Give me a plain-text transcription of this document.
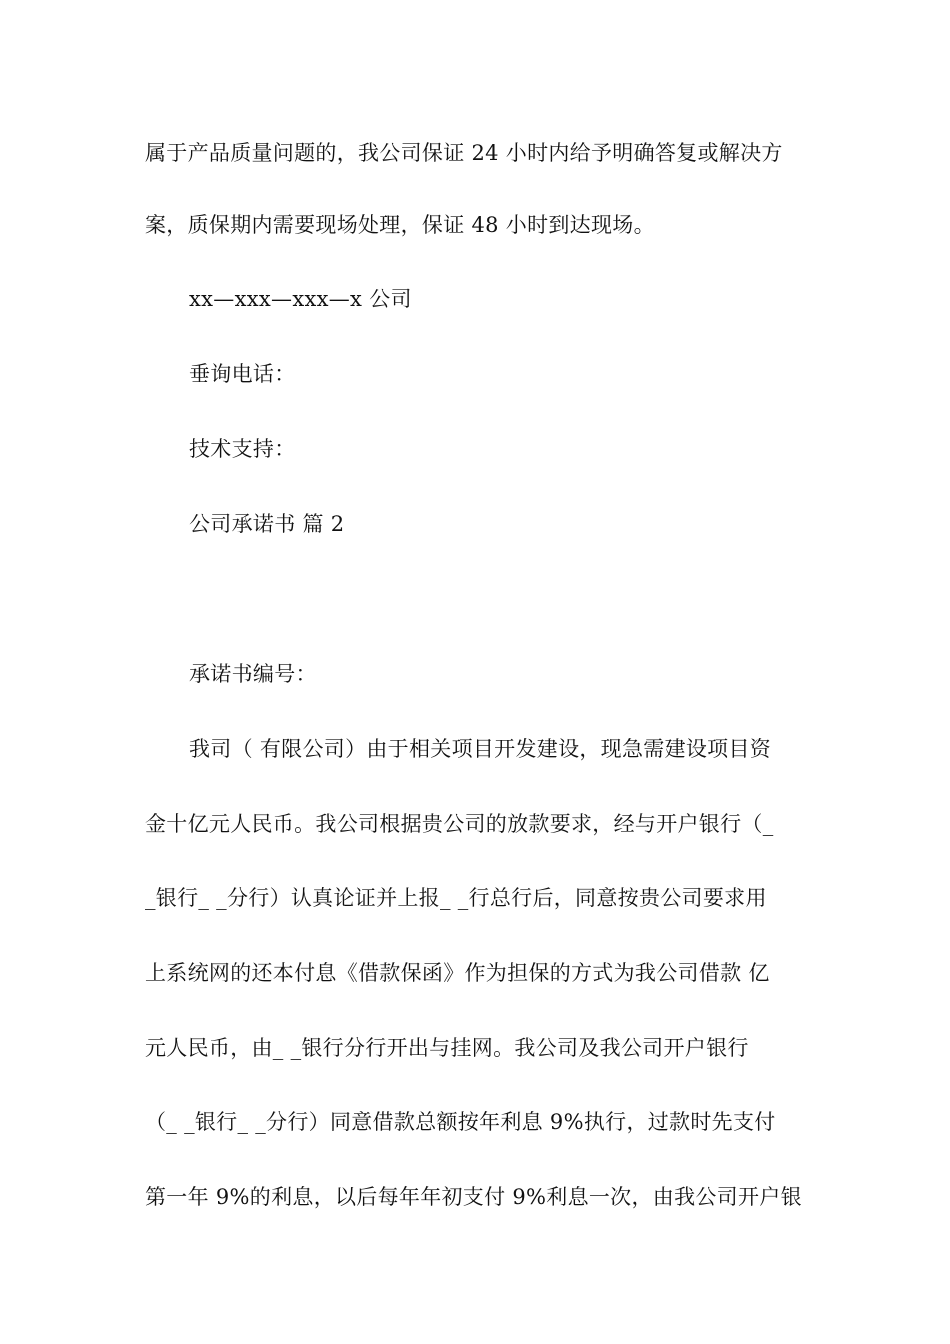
属于产品质量问题的，我公司保证 24 小时内给予明确答复或解决方
案，质保期内需要现场处理，保证 48 小时到达现场。
xx—xxx—xxx—x 公司
垂询电话：
技术支持：
公司承诺书 篇 2
承诺书编号：
我司（ 有限公司）由于相关项目开发建设，现急需建设项目资
金十亿元人民币。我公司根据贵公司的放款要求，经与开户银行（_
_银行_ _分行）认真论证并上报_ _行总行后，同意按贵公司要求用
上系统网的还本付息《借款保函》作为担保的方式为我公司借款 亿
元人民币，由_ _银行分行开出与挂网。我公司及我公司开户银行
（_ _银行_ _分行）同意借款总额按年利息 9%执行，过款时先支付
第一年 9%的利息，以后每年年初支付 9%利息一次，由我公司开户银
